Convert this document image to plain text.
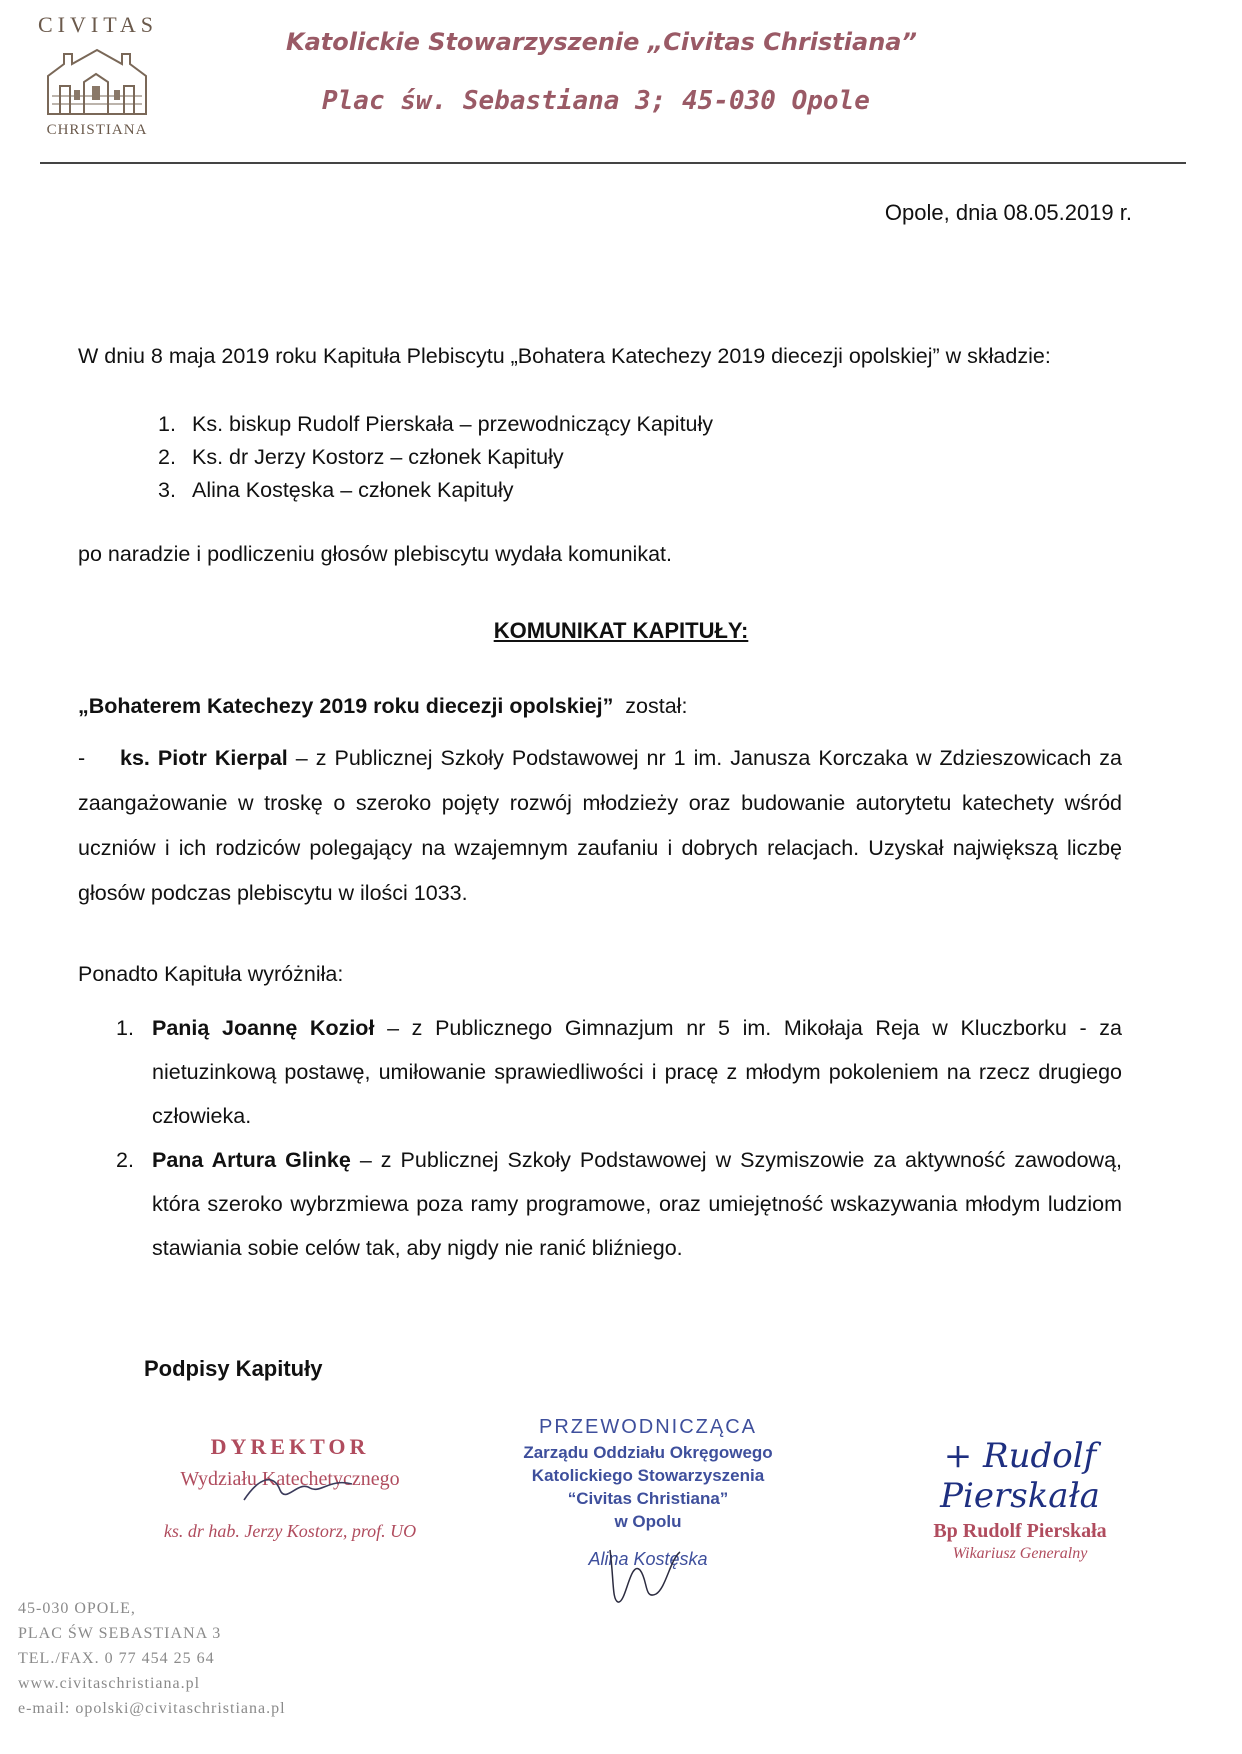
CIVITAS
CHRISTIANA
Katolickie Stowarzyszenie „Civitas Christiana”
Plac św. Sebastiana 3; 45-030 Opole
Opole, dnia 08.05.2019 r.
W dniu 8 maja 2019 roku Kapituła Plebiscytu „Bohatera Katechezy 2019 diecezji opolskiej” w składzie:
1. Ks. biskup Rudolf Pierskała – przewodniczący Kapituły
2. Ks. dr Jerzy Kostorz – członek Kapituły
3. Alina Kostęska – członek Kapituły
po naradzie i podliczeniu głosów plebiscytu wydała komunikat.
KOMUNIKAT KAPITUŁY:
„Bohaterem Katechezy 2019 roku diecezji opolskiej” został:
- ks. Piotr Kierpal – z Publicznej Szkoły Podstawowej nr 1 im. Janusza Korczaka w Zdzieszowicach za zaangażowanie w troskę o szeroko pojęty rozwój młodzieży oraz budowanie autorytetu katechety wśród uczniów i ich rodziców polegający na wzajemnym zaufaniu i dobrych relacjach. Uzyskał największą liczbę głosów podczas plebiscytu w ilości 1033.
Ponadto Kapituła wyróżniła:
1. Panią Joannę Kozioł – z Publicznego Gimnazjum nr 5 im. Mikołaja Reja w Kluczborku - za nietuzinkową postawę, umiłowanie sprawiedliwości i pracę z młodym pokoleniem na rzecz drugiego człowieka.
2. Pana Artura Glinkę – z Publicznej Szkoły Podstawowej w Szymiszowie za aktywność zawodową, która szeroko wybrzmiewa poza ramy programowe, oraz umiejętność wskazywania młodym ludziom stawiania sobie celów tak, aby nigdy nie ranić bliźniego.
Podpisy Kapituły
DYREKTOR
Wydziału Katechetycznego
ks. dr hab. Jerzy Kostorz, prof. UO
PRZEWODNICZĄCA
Zarządu Oddziału Okręgowego
Katolickiego Stowarzyszenia
“Civitas Christiana”
w Opolu
Alina Kostęska
+ Rudolf Pierskała
Bp Rudolf Pierskała
Wikariusz Generalny
45-030 OPOLE,
PLAC ŚW SEBASTIANA 3
TEL./FAX. 0 77 454 25 64
www.civitaschristiana.pl
e-mail: opolski@civitaschristiana.pl
